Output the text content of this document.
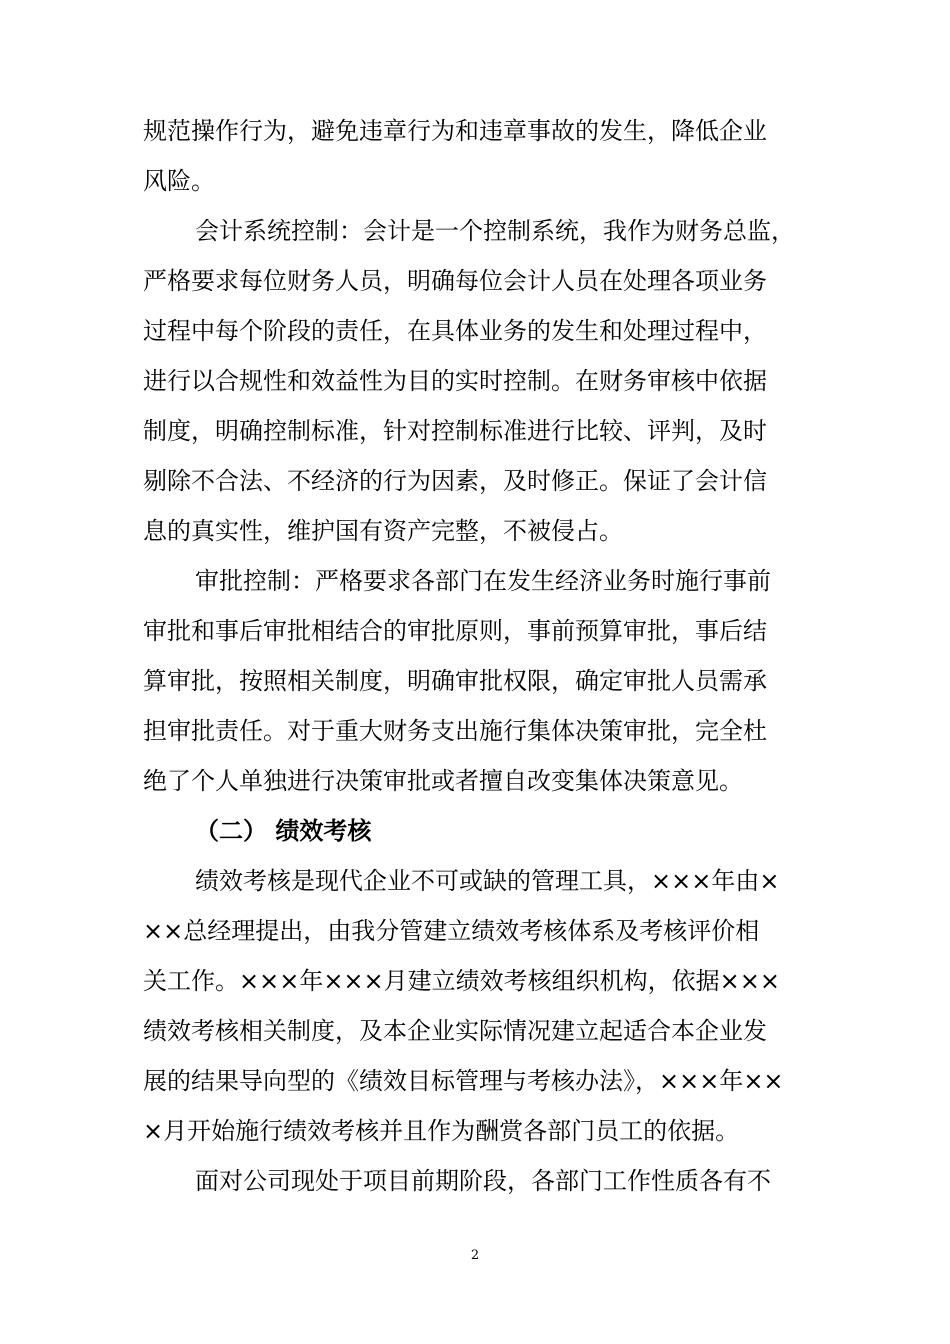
规范操作行为，避免违章行为和违章事故的发生，降低企业

风险。

会计系统控制：会计是一个控制系统，我作为财务总监，

严格要求每位财务人员，明确每位会计人员在处理各项业务

过程中每个阶段的责任，在具体业务的发生和处理过程中，

进行以合规性和效益性为目的实时控制。在财务审核中依据

制度，明确控制标准，针对控制标准进行比较、评判，及时

剔除不合法、不经济的行为因素，及时修正。保证了会计信

息的真实性，维护国有资产完整，不被侵占。

审批控制：严格要求各部门在发生经济业务时施行事前

审批和事后审批相结合的审批原则，事前预算审批，事后结

算审批，按照相关制度，明确审批权限，确定审批人员需承

担审批责任。对于重大财务支出施行集体决策审批，完全杜

绝了个人单独进行决策审批或者擅自改变集体决策意见。

（二） 绩效考核

绩效考核是现代企业不可或缺的管理工具，×××年由×

××总经理提出，由我分管建立绩效考核体系及考核评价相

关工作。×××年×××月建立绩效考核组织机构，依据×××

绩效考核相关制度，及本企业实际情况建立起适合本企业发

展的结果导向型的《绩效目标管理与考核办法》，×××年××

×月开始施行绩效考核并且作为酬赏各部门员工的依据。

面对公司现处于项目前期阶段，各部门工作性质各有不

2
